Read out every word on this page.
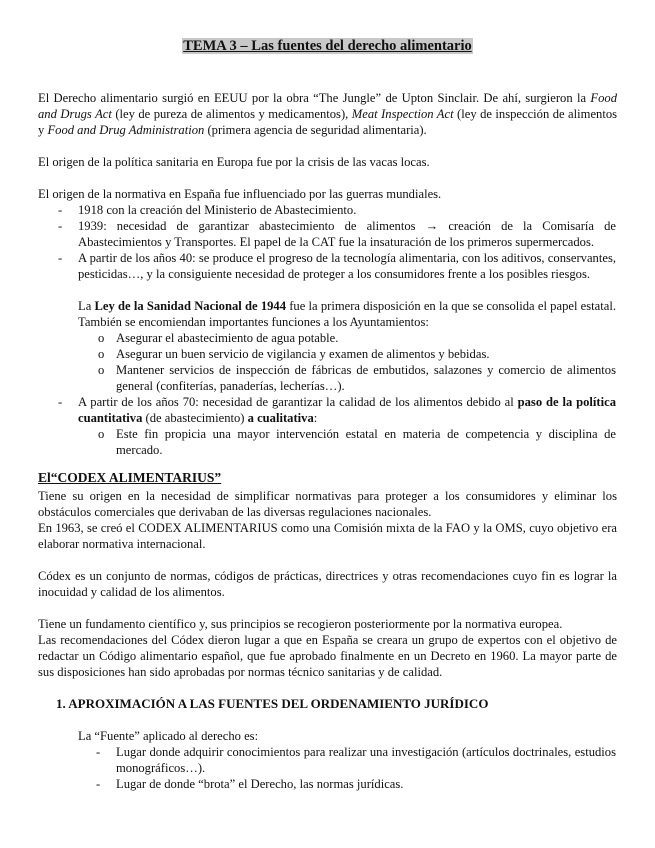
TEMA 3 – Las fuentes del derecho alimentario

El Derecho alimentario surgió en EEUU por la obra “The Jungle” de Upton Sinclair. De ahí, surgieron la Food and Drugs Act (ley de pureza de alimentos y medicamentos), Meat Inspection Act (ley de inspección de alimentos y Food and Drug Administration (primera agencia de seguridad alimentaria).

El origen de la política sanitaria en Europa fue por la crisis de las vacas locas.

El origen de la normativa en España fue influenciado por las guerras mundiales.

- 1918 con la creación del Ministerio de Abastecimiento.
- 1939: necesidad de garantizar abastecimiento de alimentos → creación de la Comisaría de Abastecimientos y Transportes. El papel de la CAT fue la insaturación de los primeros supermercados.
- A partir de los años 40: se produce el progreso de la tecnología alimentaria, con los aditivos, conservantes, pesticidas…, y la consiguiente necesidad de proteger a los consumidores frente a los posibles riesgos.

La Ley de la Sanidad Nacional de 1944 fue la primera disposición en la que se consolida el papel estatal. También se encomiendan importantes funciones a los Ayuntamientos:

o Asegurar el abastecimiento de agua potable.
o Asegurar un buen servicio de vigilancia y examen de alimentos y bebidas.
o Mantener servicios de inspección de fábricas de embutidos, salazones y comercio de alimentos general (confiterías, panaderías, lecherías…).
- A partir de los años 70: necesidad de garantizar la calidad de los alimentos debido al paso de la política cuantitativa (de abastecimiento) a cualitativa:
o Este fin propicia una mayor intervención estatal en materia de competencia y disciplina de mercado.
El“CODEX ALIMENTARIUS”

Tiene su origen en la necesidad de simplificar normativas para proteger a los consumidores y eliminar los obstáculos comerciales que derivaban de las diversas regulaciones nacionales.

En 1963, se creó el CODEX ALIMENTARIUS como una Comisión mixta de la FAO y la OMS, cuyo objetivo era elaborar normativa internacional.

Códex es un conjunto de normas, códigos de prácticas, directrices y otras recomendaciones cuyo fin es lograr la inocuidad y calidad de los alimentos.

Tiene un fundamento científico y, sus principios se recogieron posteriormente por la normativa europea.

Las recomendaciones del Códex dieron lugar a que en España se creara un grupo de expertos con el objetivo de redactar un Código alimentario español, que fue aprobado finalmente en un Decreto en 1960. La mayor parte de sus disposiciones han sido aprobadas por normas técnico sanitarias y de calidad.

1. APROXIMACIÓN A LAS FUENTES DEL ORDENAMIENTO JURÍDICO

La “Fuente” aplicado al derecho es:

- Lugar donde adquirir conocimientos para realizar una investigación (artículos doctrinales, estudios monográficos…).
- Lugar de donde “brota” el Derecho, las normas jurídicas.
